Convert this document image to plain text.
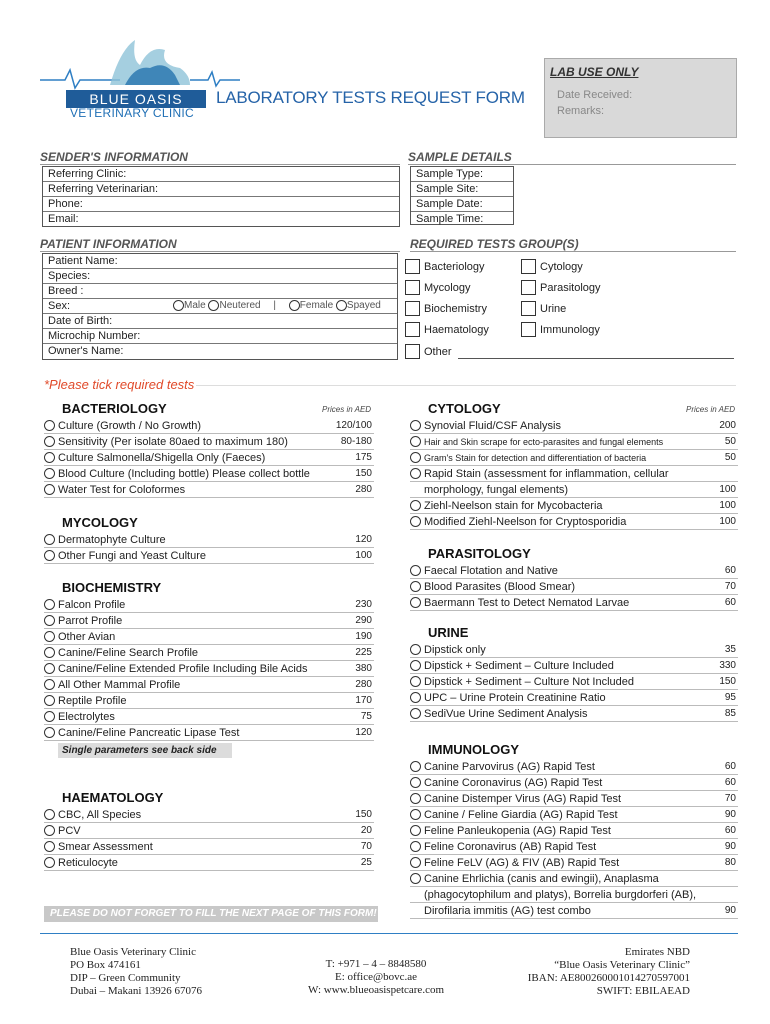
BLUE OASIS
VETERINARY CLINIC
LABORATORY TESTS REQUEST FORM
LAB USE ONLY
Date Received:
Remarks:
SENDER'S INFORMATION
Referring Clinic:
Referring Veterinarian:
Phone:
Email:
SAMPLE DETAILS
Sample Type:
Sample Site:
Sample Date:
Sample Time:
PATIENT INFORMATION
Patient Name:
Species:
Breed :
Sex:	Male Neutered | Female Spayed
Date of Birth:
Microchip Number:
Owner's Name:
REQUIRED TESTS GROUP(S)
Bacteriology
Mycology
Biochemistry
Haematology
Cytology
Parasitology
Urine
Immunology
Other
*Please tick required tests
BACTERIOLOGY	Prices in AED
Culture (Growth / No Growth)	120/100
Sensitivity (Per isolate 80aed to maximum 180)	80-180
Culture Salmonella/Shigella Only (Faeces)	175
Blood Culture (Including bottle) Please collect bottle	150
Water Test for Coloformes	280
MYCOLOGY
Dermatophyte Culture	120
Other Fungi and Yeast Culture	100
BIOCHEMISTRY
Falcon Profile	230
Parrot Profile	290
Other Avian	190
Canine/Feline Search Profile	225
Canine/Feline Extended Profile Including Bile Acids	380
All Other Mammal Profile	280
Reptile Profile	170
Electrolytes	75
Canine/Feline Pancreatic Lipase Test	120
HAEMATOLOGY
CBC, All Species	150
PCV	20
Smear Assessment	70
Reticulocyte	25
CYTOLOGY	Prices in AED
Synovial Fluid/CSF Analysis	200
Hair and Skin scrape for ecto-parasites and fungal elements	50
Gram's Stain for detection and differentiation of bacteria	50
Rapid Stain (assessment for inflammation, cellular
morphology, fungal elements)	100
Ziehl-Neelson stain for Mycobacteria	100
Modified Ziehl-Neelson for Cryptosporidia	100
PARASITOLOGY
Faecal Flotation and Native	60
Blood Parasites (Blood Smear)	70
Baermann Test to Detect Nematod Larvae	60
URINE
Dipstick only	35
Dipstick + Sediment – Culture Included	330
Dipstick + Sediment – Culture Not Included	150
UPC – Urine Protein Creatinine Ratio	95
SediVue Urine Sediment Analysis	85
IMMUNOLOGY
Canine Parvovirus (AG) Rapid Test	60
Canine Coronavirus (AG) Rapid Test	60
Canine Distemper Virus (AG) Rapid Test	70
Canine / Feline Giardia (AG) Rapid Test	90
Feline Panleukopenia (AG) Rapid Test	60
Feline Coronavirus (AB) Rapid Test	90
Feline FeLV (AG) & FIV (AB) Rapid Test	80
Canine Ehrlichia (canis and ewingii), Anaplasma
(phagocytophilum and platys), Borrelia burgdorferi (AB),
Dirofilaria immitis (AG) test combo	90
Single parameters see back side
PLEASE DO NOT FORGET TO FILL THE NEXT PAGE OF THIS FORM!
Blue Oasis Veterinary Clinic
PO Box 474161
DIP – Green Community
Dubai – Makani 13926 67076
T: +971 – 4 – 8848580
E: office@bovc.ae
W: www.blueoasispetcare.com
Emirates NBD
“Blue Oasis Veterinary Clinic”
IBAN: AE800260001014270597001
SWIFT: EBILAEAD
